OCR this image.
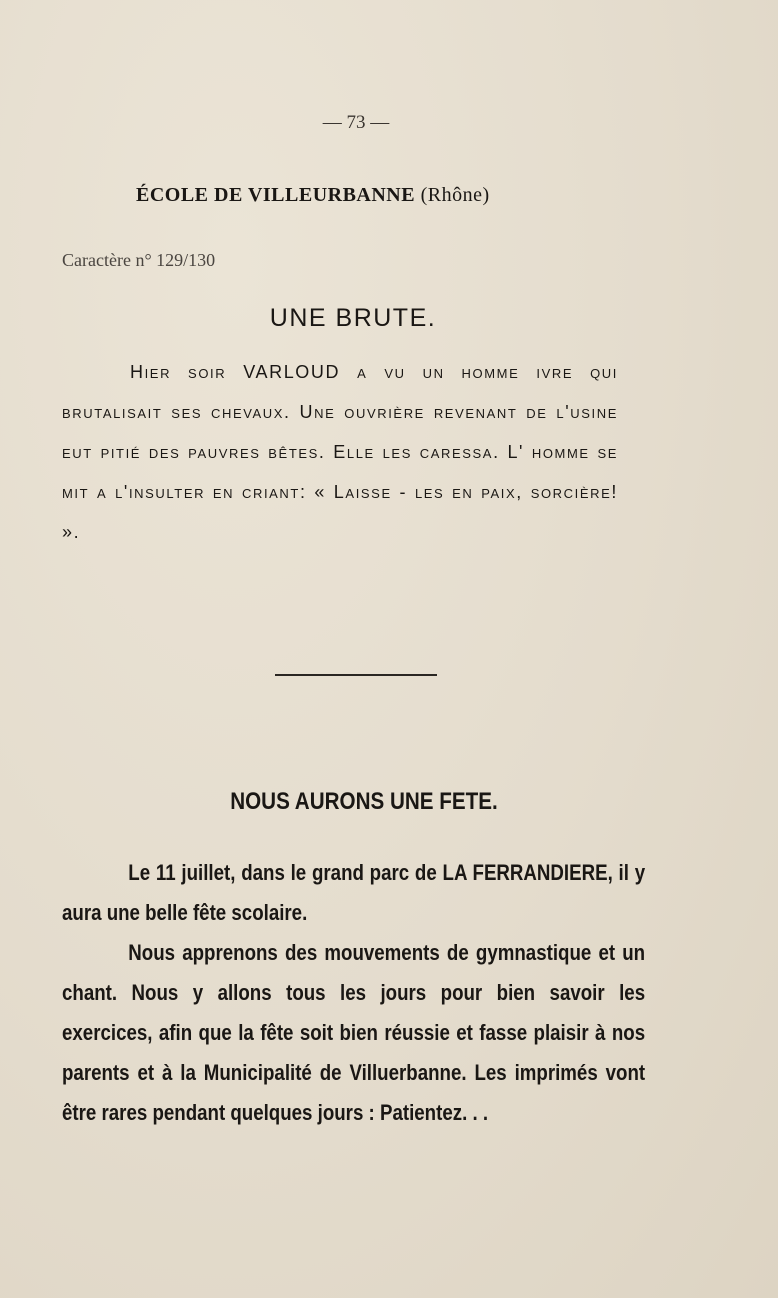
— 73 —
ÉCOLE DE VILLEURBANNE (Rhône)
Caractère n° 129/130
UNE BRUTE.

Hier soir VARLOUD a vu un homme ivre qui brutalisait ses chevaux. Une ouvrière revenant de l'usine eut pitié des pauvres bêtes. Elle les caressa. L' homme se mit a l'insulter en criant: « Laisse - les en paix, sorcière! ».

NOUS AURONS UNE FETE.

Le 11 juillet, dans le grand parc de LA FERRANDIERE, il y aura une belle fête scolaire.

Nous apprenons des mouvements de gymnastique et un chant. Nous y allons tous les jours pour bien savoir les exercices, afin que la fête soit bien réussie et fasse plaisir à nos parents et à la Municipalité de Villuerbanne. Les imprimés vont être rares pendant quelques jours : Patientez. . .
